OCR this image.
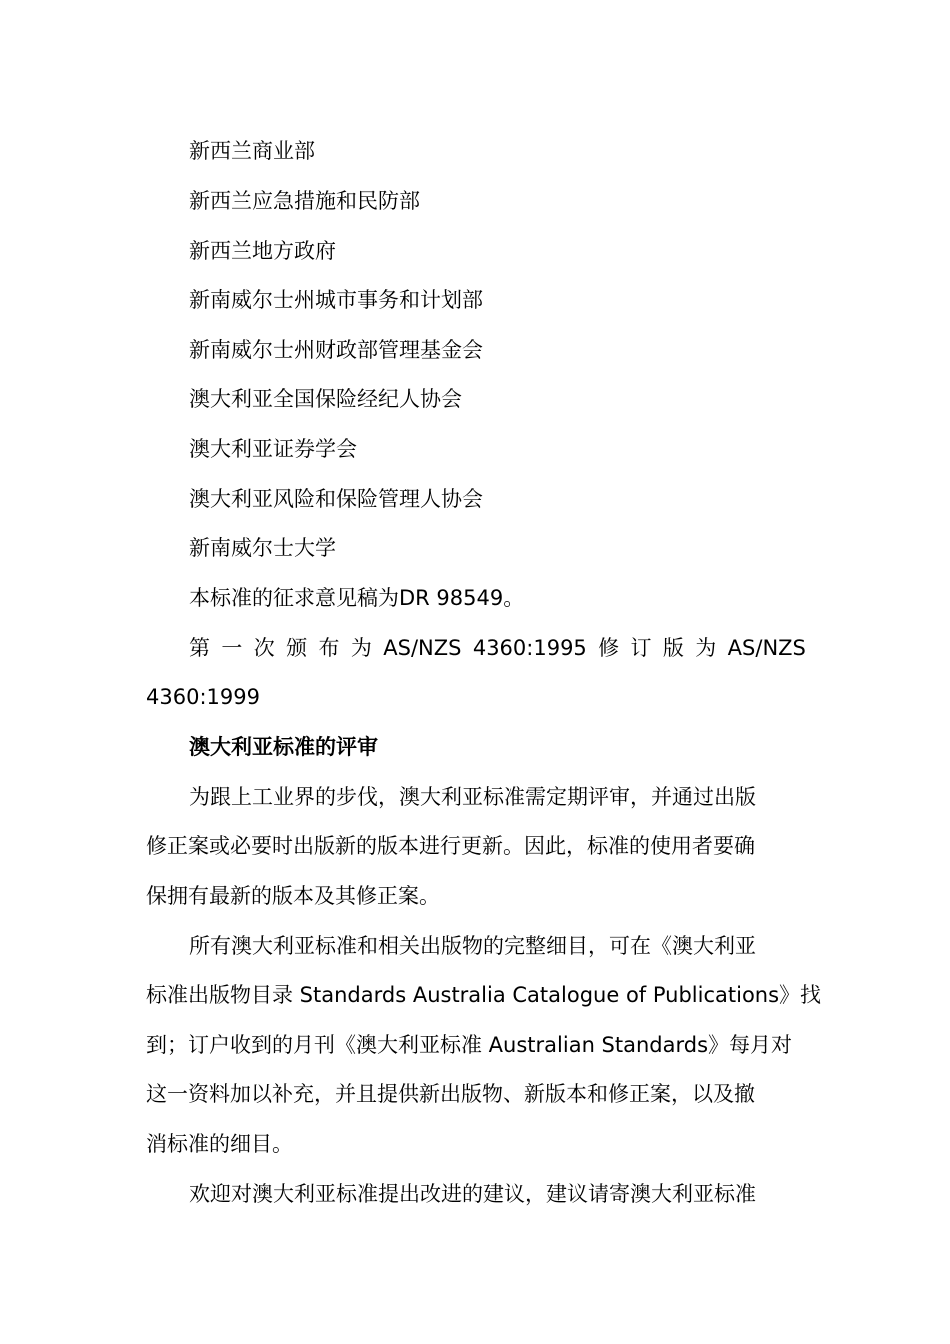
新西兰商业部
新西兰应急措施和民防部
新西兰地方政府
新南威尔士州城市事务和计划部
新南威尔士州财政部管理基金会
澳大利亚全国保险经纪人协会
澳大利亚证券学会
澳大利亚风险和保险管理人协会
新南威尔士大学
本标准的征求意见稿为DR 98549。
第 一 次 颁 布 为 AS/NZS 4360:1995 修 订 版 为 AS/NZS
4360:1999
澳大利亚标准的评审
为跟上工业界的步伐，澳大利亚标准需定期评审，并通过出版
修正案或必要时出版新的版本进行更新。因此，标准的使用者要确
保拥有最新的版本及其修正案。
所有澳大利亚标准和相关出版物的完整细目，可在《澳大利亚
标准出版物目录 Standards Australia Catalogue of Publications》找
到；订户收到的月刊《澳大利亚标准 Australian Standards》每月对
这一资料加以补充，并且提供新出版物、新版本和修正案，以及撤
消标准的细目。
欢迎对澳大利亚标准提出改进的建议，建议请寄澳大利亚标准
